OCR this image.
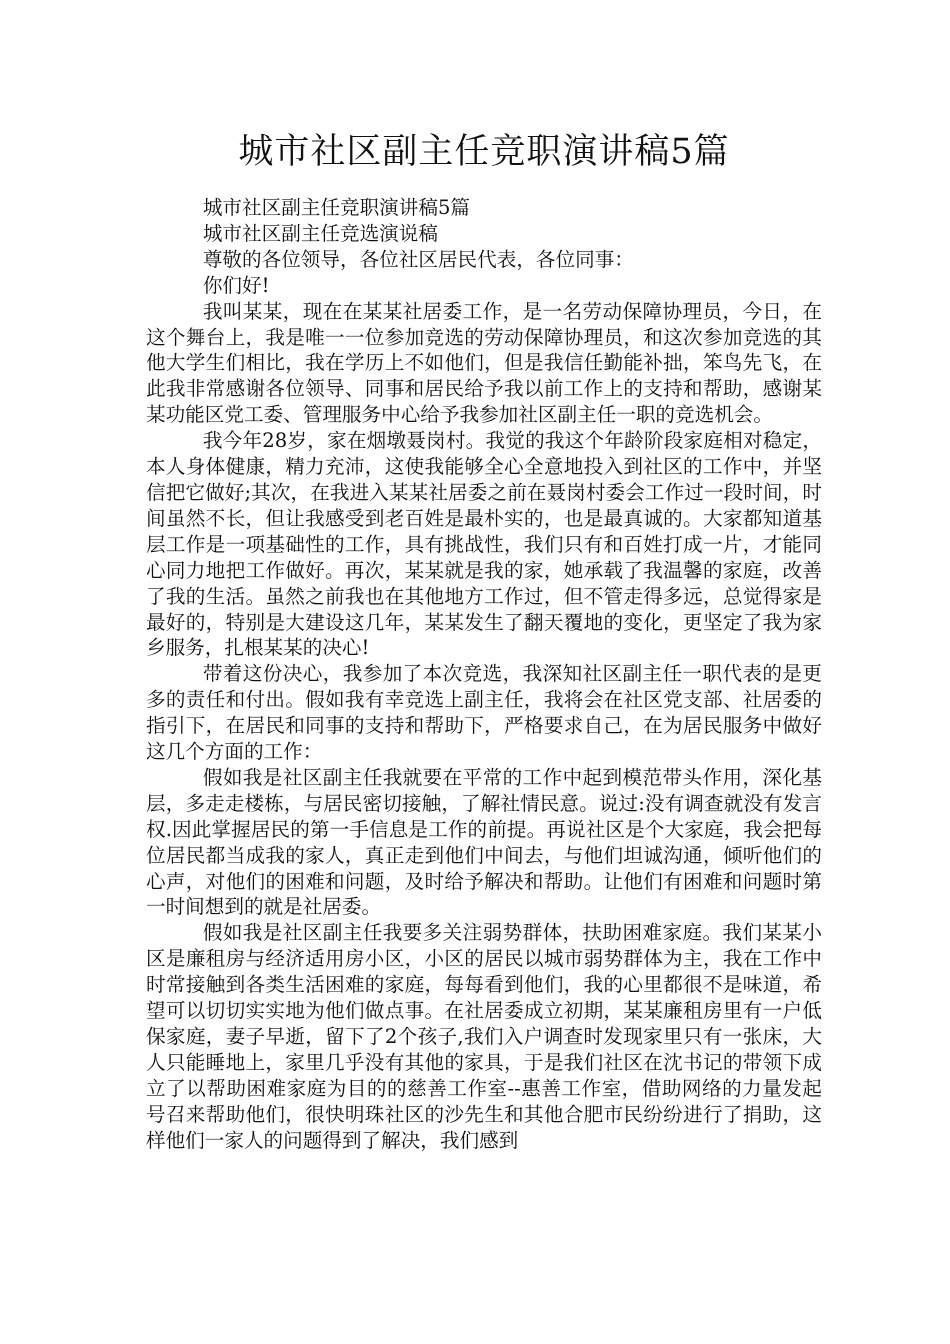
城市社区副主任竞职演讲稿5篇

城市社区副主任竞职演讲稿5篇

城市社区副主任竞选演说稿

尊敬的各位领导，各位社区居民代表，各位同事：

你们好!

我叫某某，现在在某某社居委工作，是一名劳动保障协理员，今日，在这个舞台上，我是唯一一位参加竞选的劳动保障协理员，和这次参加竞选的其他大学生们相比，我在学历上不如他们，但是我信任勤能补拙，笨鸟先飞，在此我非常感谢各位领导、同事和居民给予我以前工作上的支持和帮助，感谢某某功能区党工委、管理服务中心给予我参加社区副主任一职的竞选机会。

我今年28岁，家在烟墩聂岗村。我觉的我这个年龄阶段家庭相对稳定，本人身体健康，精力充沛，这使我能够全心全意地投入到社区的工作中，并坚信把它做好;其次，在我进入某某社居委之前在聂岗村委会工作过一段时间，时间虽然不长，但让我感受到老百姓是最朴实的，也是最真诚的。大家都知道基层工作是一项基础性的工作，具有挑战性，我们只有和百姓打成一片，才能同心同力地把工作做好。再次，某某就是我的家，她承载了我温馨的家庭，改善了我的生活。虽然之前我也在其他地方工作过，但不管走得多远，总觉得家是最好的，特别是大建设这几年，某某发生了翻天覆地的变化，更坚定了我为家乡服务，扎根某某的决心!

带着这份决心，我参加了本次竞选，我深知社区副主任一职代表的是更多的责任和付出。假如我有幸竞选上副主任，我将会在社区党支部、社居委的指引下，在居民和同事的支持和帮助下，严格要求自己，在为居民服务中做好这几个方面的工作：

假如我是社区副主任我就要在平常的工作中起到模范带头作用，深化基层，多走走楼栋，与居民密切接触，了解社情民意。说过:没有调查就没有发言权.因此掌握居民的第一手信息是工作的前提。再说社区是个大家庭，我会把每位居民都当成我的家人，真正走到他们中间去，与他们坦诚沟通，倾听他们的心声，对他们的困难和问题，及时给予解决和帮助。让他们有困难和问题时第一时间想到的就是社居委。

假如我是社区副主任我要多关注弱势群体，扶助困难家庭。我们某某小区是廉租房与经济适用房小区，小区的居民以城市弱势群体为主，我在工作中时常接触到各类生活困难的家庭，每每看到他们，我的心里都很不是味道，希望可以切切实实地为他们做点事。在社居委成立初期，某某廉租房里有一户低保家庭，妻子早逝，留下了2个孩子,我们入户调查时发现家里只有一张床，大人只能睡地上，家里几乎没有其他的家具，于是我们社区在沈书记的带领下成立了以帮助困难家庭为目的的慈善工作室--惠善工作室，借助网络的力量发起号召来帮助他们，很快明珠社区的沙先生和其他合肥市民纷纷进行了捐助，这样他们一家人的问题得到了解决，我们感到
